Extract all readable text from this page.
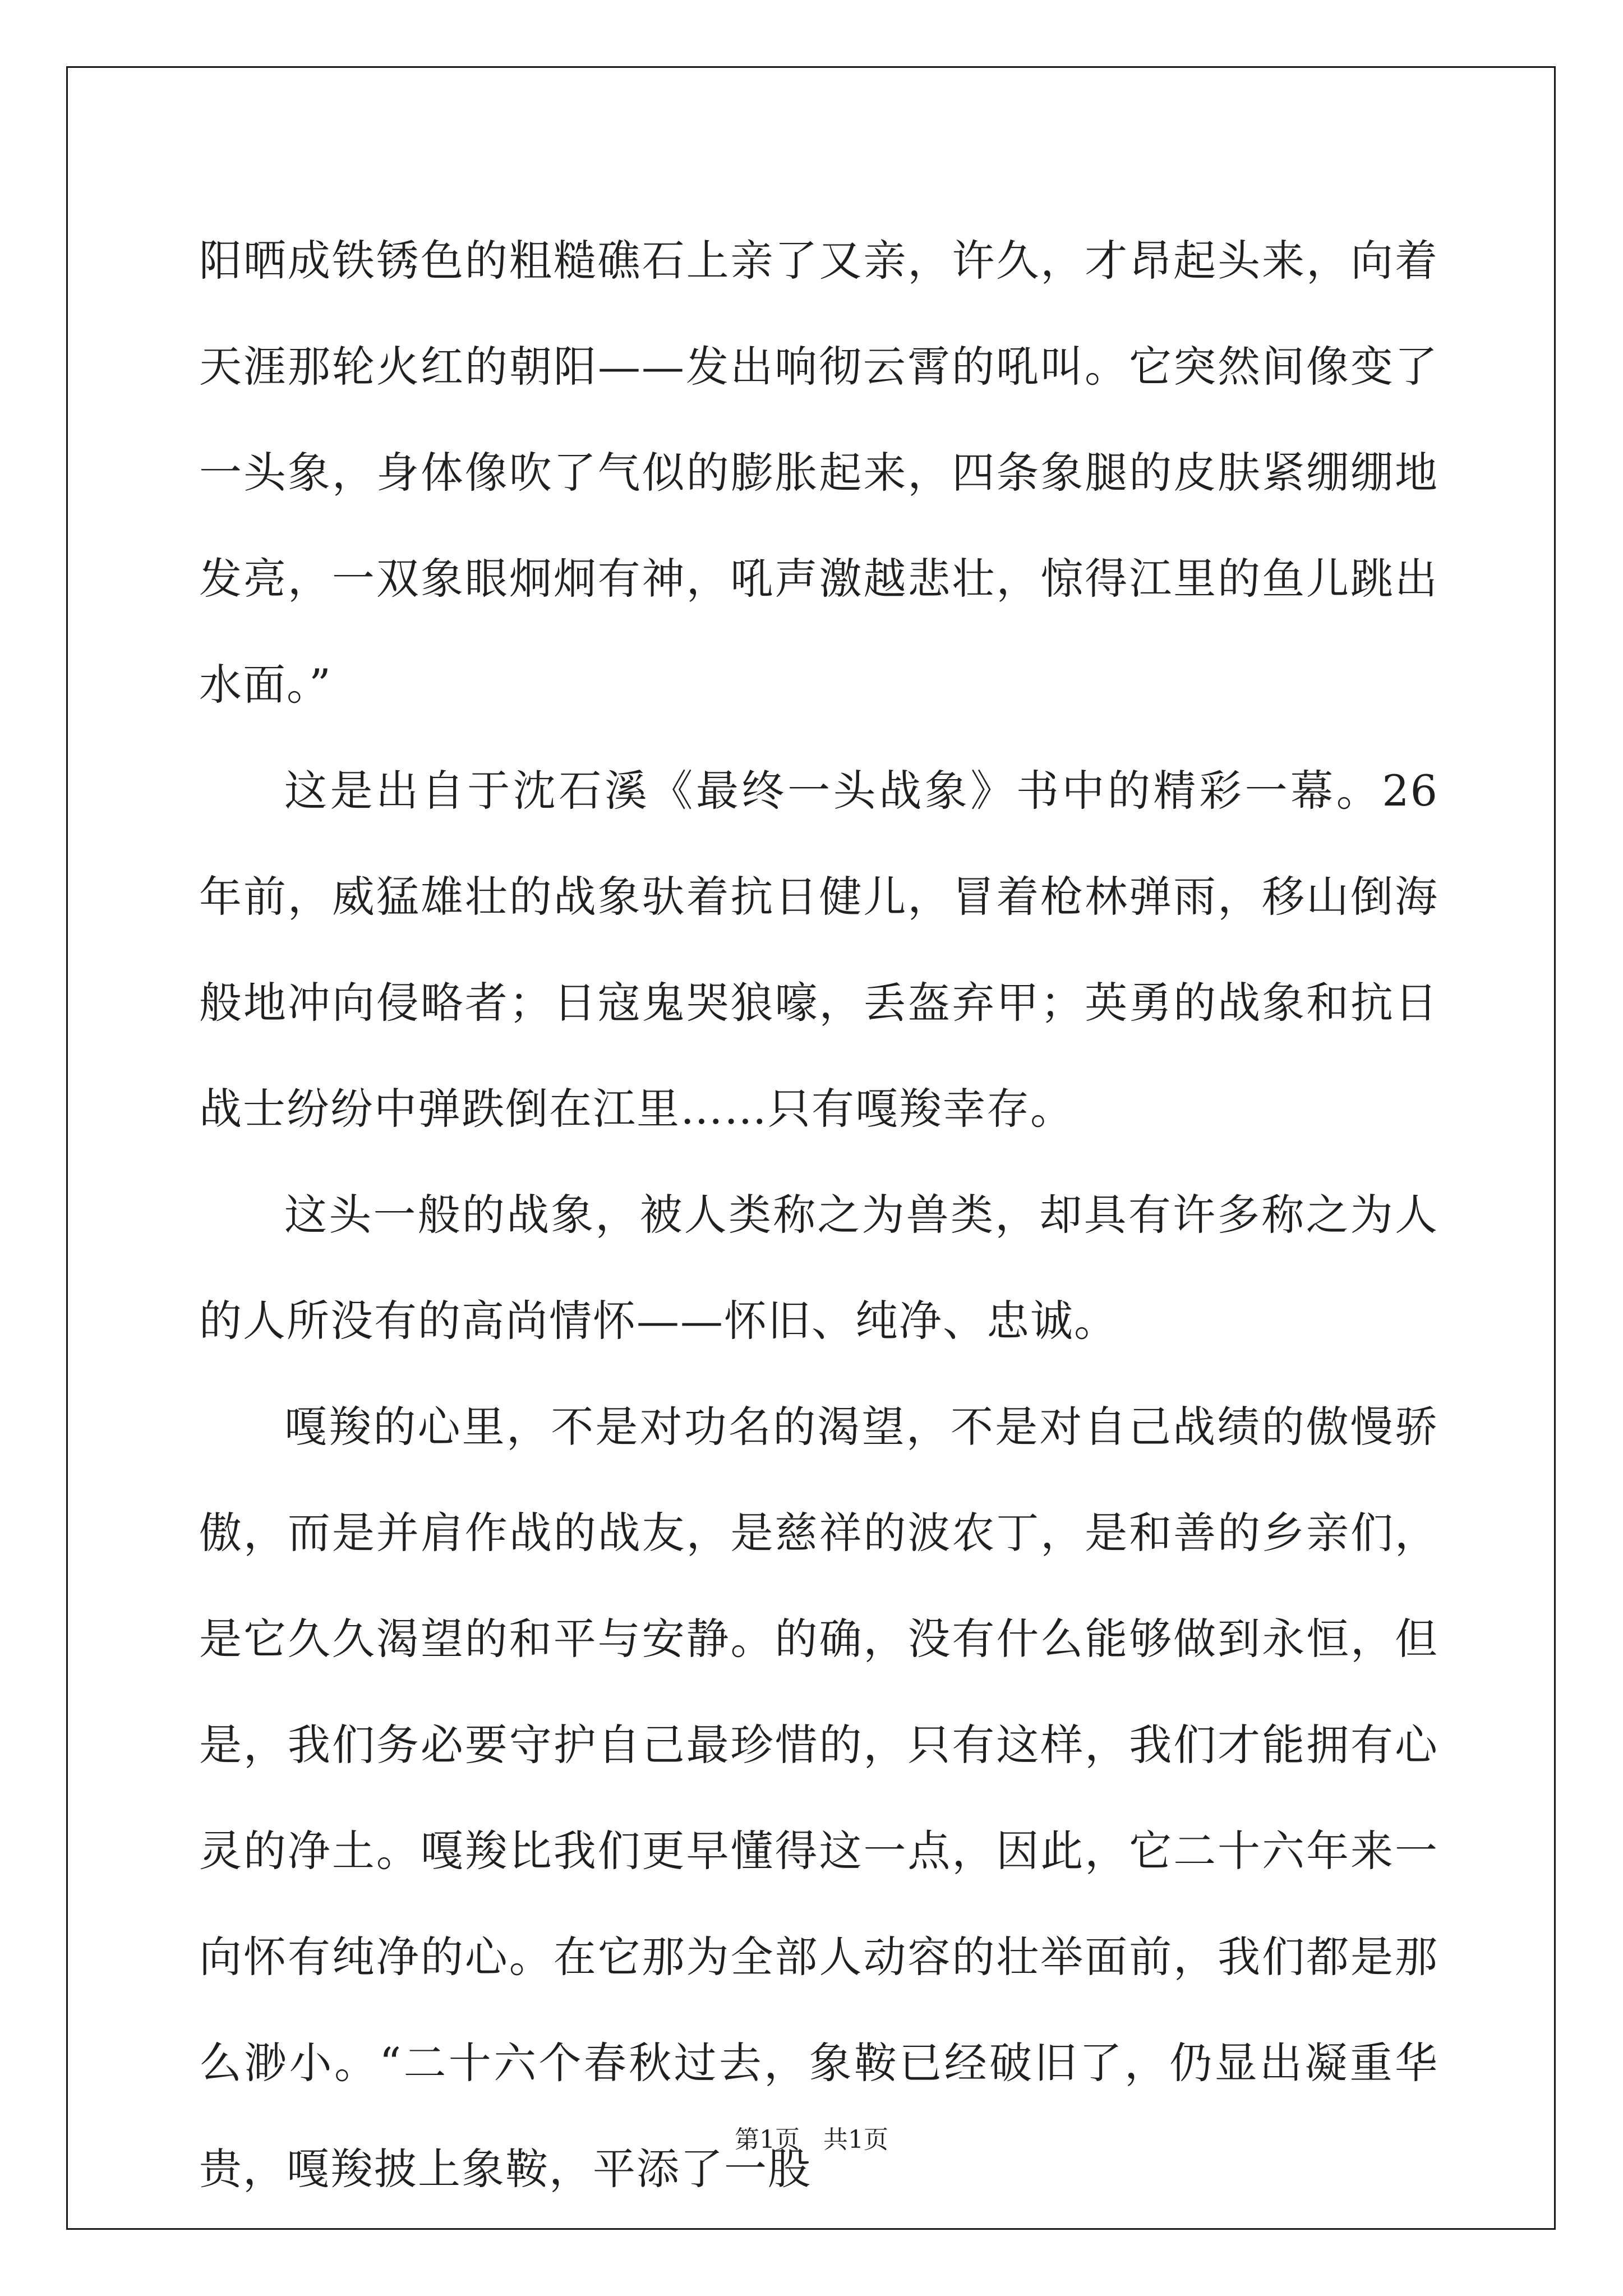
阳晒成铁锈色的粗糙礁石上亲了又亲，许久，才昂起头来，向着天涯那轮火红的朝阳——发出响彻云霄的吼叫。它突然间像变了一头象，身体像吹了气似的膨胀起来，四条象腿的皮肤紧绷绷地发亮，一双象眼炯炯有神，吼声激越悲壮，惊得江里的鱼儿跳出水面。”

这是出自于沈石溪《最终一头战象》书中的精彩一幕。26 年前，威猛雄壮的战象驮着抗日健儿，冒着枪林弹雨，移山倒海般地冲向侵略者；日寇鬼哭狼嚎，丢盔弃甲；英勇的战象和抗日战士纷纷中弹跌倒在江里……只有嘎羧幸存。

这头一般的战象，被人类称之为兽类，却具有许多称之为人的人所没有的高尚情怀——怀旧、纯净、忠诚。

嘎羧的心里，不是对功名的渴望，不是对自己战绩的傲慢骄傲，而是并肩作战的战友，是慈祥的波农丁，是和善的乡亲们，是它久久渴望的和平与安静。的确，没有什么能够做到永恒，但是，我们务必要守护自己最珍惜的，只有这样，我们才能拥有心灵的净土。嘎羧比我们更早懂得这一点，因此，它二十六年来一向怀有纯净的心。在它那为全部人动容的壮举面前，我们都是那么渺小。“二十六个春秋过去，象鞍已经破旧了，仍显出凝重华贵，嘎羧披上象鞍，平添了一股

第1页   共1页
